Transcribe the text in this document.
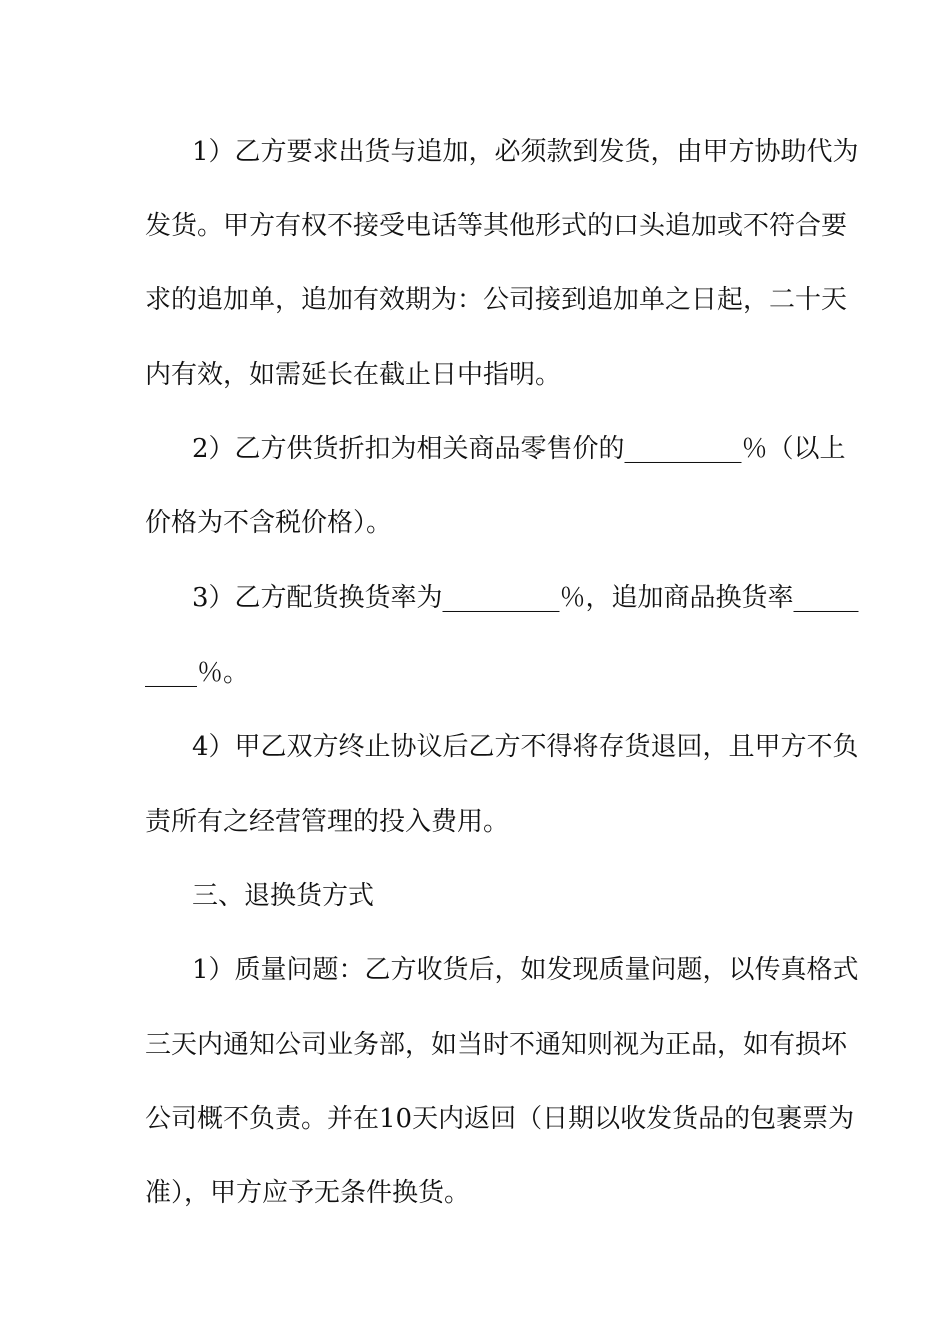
1）乙方要求出货与追加，必须款到发货，由甲方协助代为
发货。甲方有权不接受电话等其他形式的口头追加或不符合要
求的追加单，追加有效期为：公司接到追加单之日起，二十天
内有效，如需延长在截止日中指明。
2）乙方供货折扣为相关商品零售价的_________％（以上
价格为不含税价格）。
3）乙方配货换货率为_________％，追加商品换货率_____
____％。
4）甲乙双方终止协议后乙方不得将存货退回，且甲方不负
责所有之经营管理的投入费用。
三、退换货方式
1）质量问题：乙方收货后，如发现质量问题，以传真格式
三天内通知公司业务部，如当时不通知则视为正品，如有损坏
公司概不负责。并在10天内返回（日期以收发货品的包裹票为
准），甲方应予无条件换货。
